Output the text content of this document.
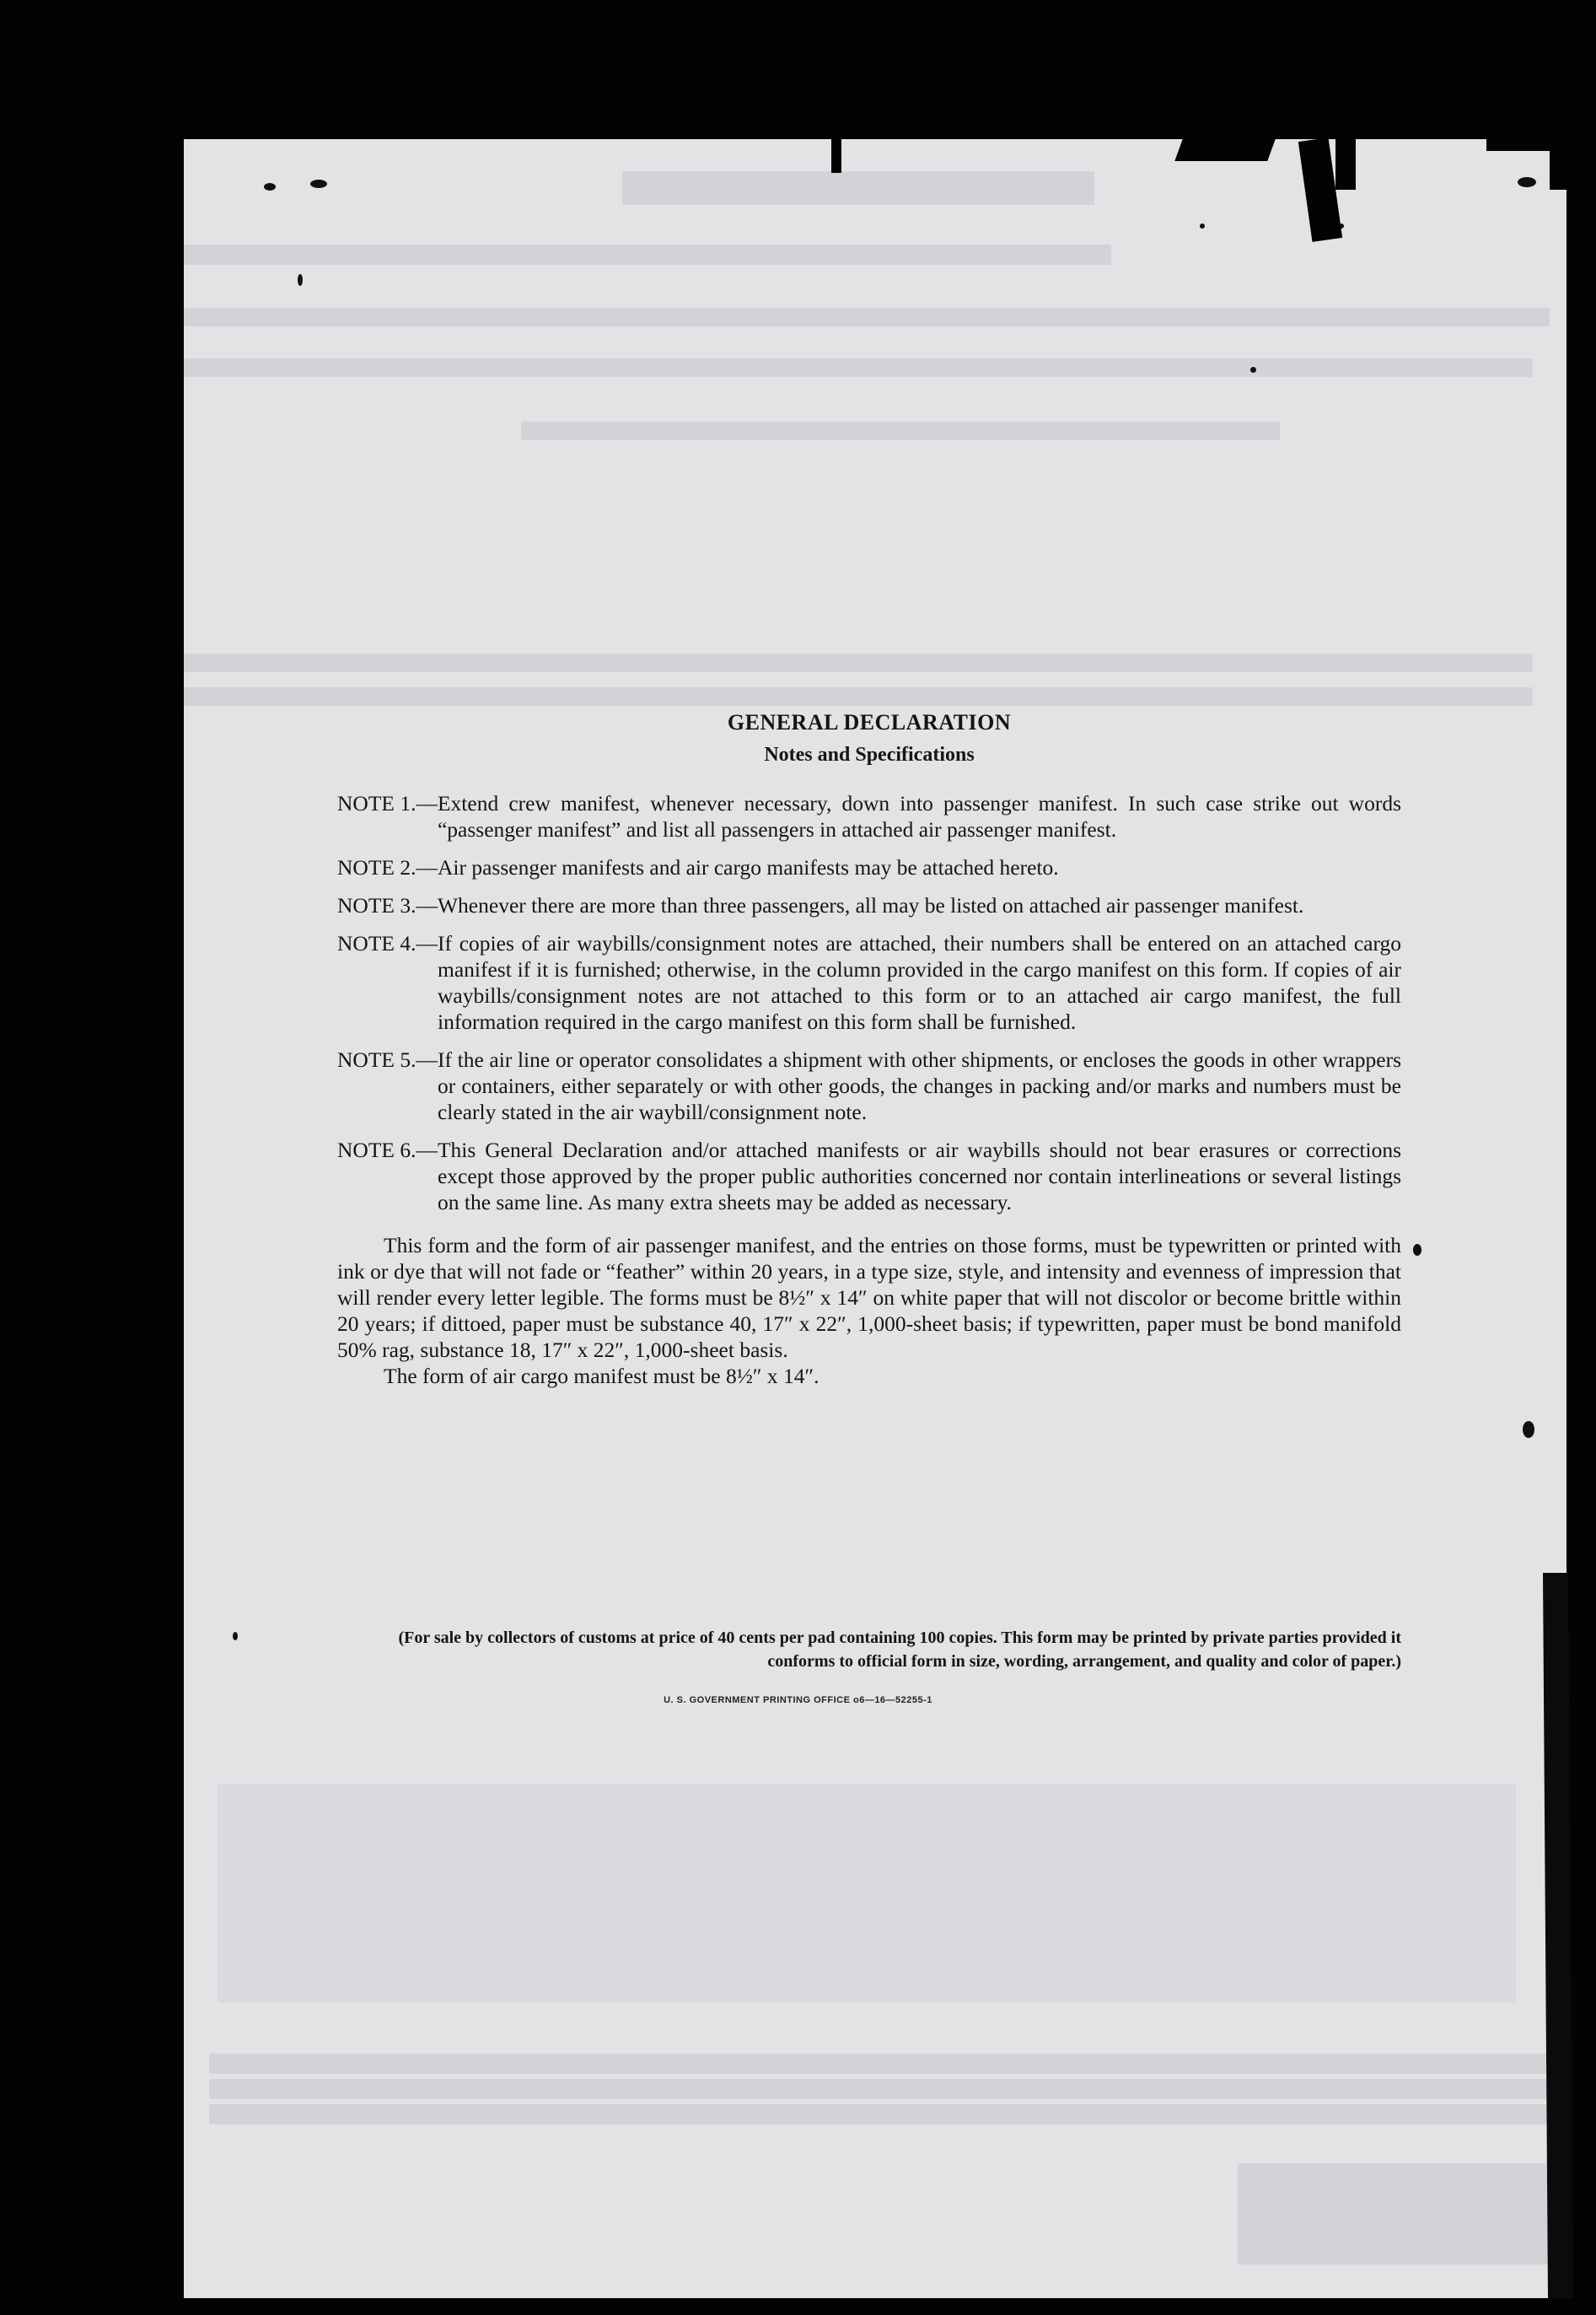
GENERAL DECLARATION
Notes and Specifications
NOTE 1.— Extend crew manifest, whenever necessary, down into passenger manifest. In such case strike out words “passenger manifest” and list all passengers in attached air passenger manifest.
NOTE 2.— Air passenger manifests and air cargo manifests may be attached hereto.
NOTE 3.— Whenever there are more than three passengers, all may be listed on attached air passenger manifest.
NOTE 4.— If copies of air waybills/consignment notes are attached, their numbers shall be entered on an attached cargo manifest if it is furnished; otherwise, in the column provided in the cargo manifest on this form. If copies of air waybills/consignment notes are not attached to this form or to an attached air cargo manifest, the full information required in the cargo manifest on this form shall be furnished.
NOTE 5.— If the air line or operator consolidates a shipment with other shipments, or encloses the goods in other wrappers or containers, either separately or with other goods, the changes in packing and/or marks and numbers must be clearly stated in the air waybill/consignment note.
NOTE 6.— This General Declaration and/or attached manifests or air waybills should not bear erasures or corrections except those approved by the proper public authorities concerned nor contain interlineations or several listings on the same line. As many extra sheets may be added as necessary.
This form and the form of air passenger manifest, and the entries on those forms, must be typewritten or printed with ink or dye that will not fade or “feather” within 20 years, in a type size, style, and intensity and evenness of impression that will render every letter legible. The forms must be 8½″ x 14″ on white paper that will not discolor or become brittle within 20 years; if dittoed, paper must be substance 40, 17″ x 22″, 1,000-sheet basis; if typewritten, paper must be bond manifold 50% rag, substance 18, 17″ x 22″, 1,000-sheet basis.
The form of air cargo manifest must be 8½″ x 14″.
(For sale by collectors of customs at price of 40 cents per pad containing 100 copies. This form may be printed by private parties provided it conforms to official form in size, wording, arrangement, and quality and color of paper.)
U. S. GOVERNMENT PRINTING OFFICE o6—16—52255-1
